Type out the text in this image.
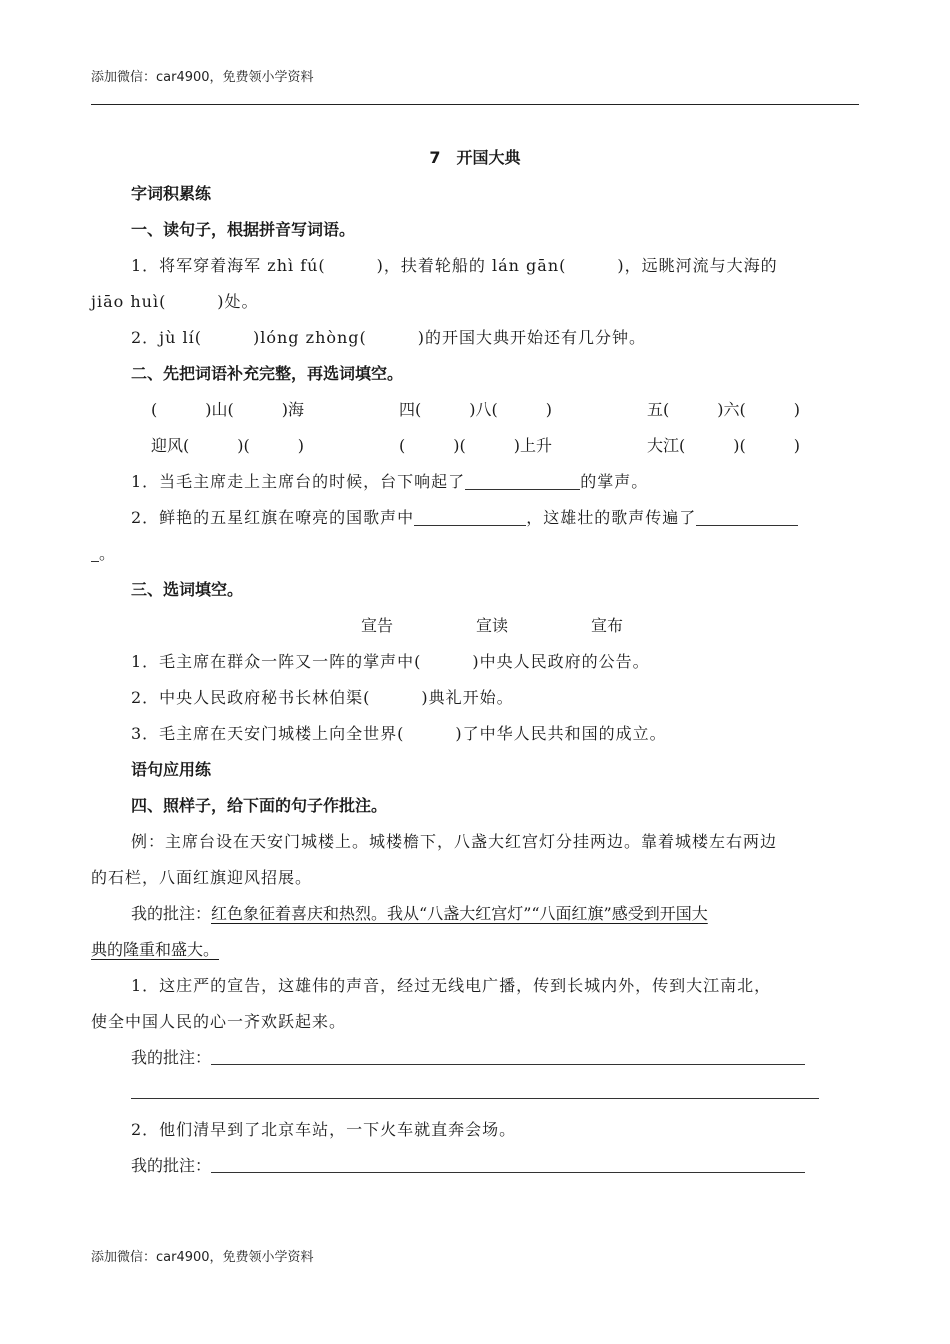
添加微信：car4900，免费领小学资料
7　开国大典
字词积累练
一、读句子，根据拼音写词语。
1．将军穿着海军 zhì fú(　　　)，扶着轮船的 lán gān(　　　)，远眺河流与大海的
jiāo huì(　　　)处。
2．jù lí(　　　)lóng zhòng(　　　)的开国大典开始还有几分钟。
二、先把词语补充完整，再选词填空。
(　　　)山(　　　)海	四(　　　)八(　　　)	五(　　　)六(　　　)
迎风(　　　)(　　　)	(　　　)(　　　)上升	大江(　　　)(　　　)
1．当毛主席走上主席台的时候，台下响起了	的掌声。
2．鲜艳的五星红旗在嘹亮的国歌声中	，这雄壮的歌声传遍了
。
三、选词填空。
宣告	宣读	宣布
1．毛主席在群众一阵又一阵的掌声中(　　　)中央人民政府的公告。
2．中央人民政府秘书长林伯渠(　　　)典礼开始。
3．毛主席在天安门城楼上向全世界(　　　)了中华人民共和国的成立。
语句应用练
四、照样子，给下面的句子作批注。
例：主席台设在天安门城楼上。城楼檐下，八盏大红宫灯分挂两边。靠着城楼左右两边
的石栏，八面红旗迎风招展。
我的批注：红色象征着喜庆和热烈。我从“八盏大红宫灯”“八面红旗”感受到开国大
典的隆重和盛大。
1．这庄严的宣告，这雄伟的声音，经过无线电广播，传到长城内外，传到大江南北，
使全中国人民的心一齐欢跃起来。
我的批注：
2．他们清早到了北京车站，一下火车就直奔会场。
我的批注：
添加微信：car4900，免费领小学资料
